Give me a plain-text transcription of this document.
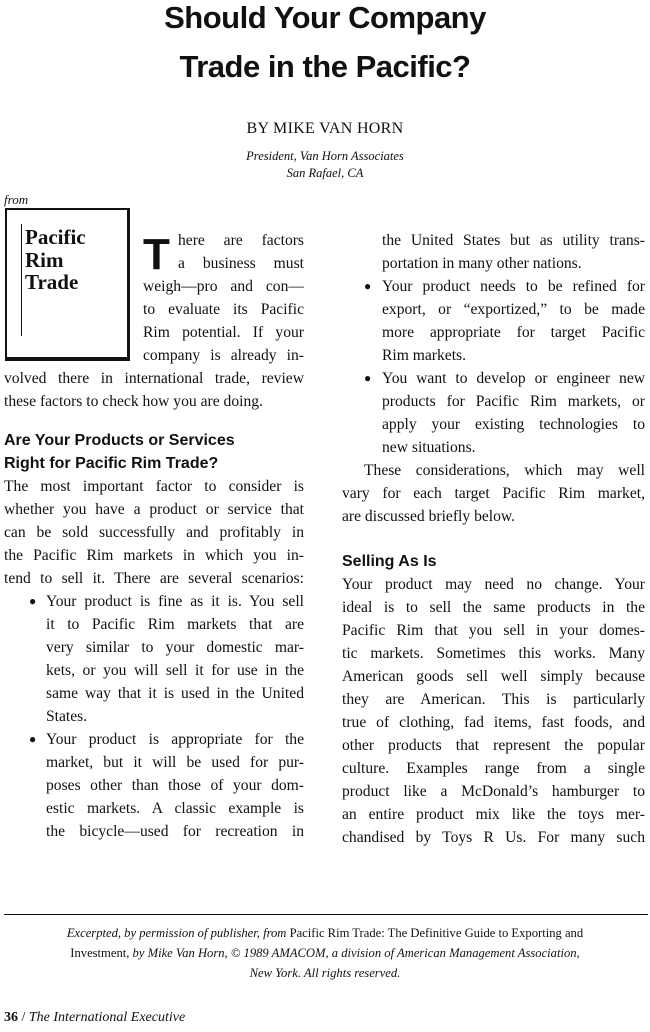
Should Your Company
Trade in the Pacific?
BY MIKE VAN HORN
President, Van Horn Associates
San Rafael, CA
from
Pacific
Rim
Trade
T here are factors
a business must
weigh—pro and con—
to evaluate its Pacific
Rim potential. If your
company is already in-
volved there in international trade, review
these factors to check how you are doing.
Are Your Products or Services
Right for Pacific Rim Trade?
The most important factor to consider is
whether you have a product or service that
can be sold successfully and profitably in
the Pacific Rim markets in which you in-
tend to sell it. There are several scenarios:
● Your product is fine as it is. You sell
it to Pacific Rim markets that are
very similar to your domestic mar-
kets, or you will sell it for use in the
same way that it is used in the United
States.
● Your product is appropriate for the
market, but it will be used for pur-
poses other than those of your dom-
estic markets. A classic example is
the bicycle—used for recreation in
the United States but as utility trans-
portation in many other nations.
● Your product needs to be refined for
export, or “exportized,” to be made
more appropriate for target Pacific
Rim markets.
● You want to develop or engineer new
products for Pacific Rim markets, or
apply your existing technologies to
new situations.
These considerations, which may well
vary for each target Pacific Rim market,
are discussed briefly below.
Selling As Is
Your product may need no change. Your
ideal is to sell the same products in the
Pacific Rim that you sell in your domes-
tic markets. Sometimes this works. Many
American goods sell well simply because
they are American. This is particularly
true of clothing, fad items, fast foods, and
other products that represent the popular
culture. Examples range from a single
product like a McDonald’s hamburger to
an entire product mix like the toys mer-
chandised by Toys R Us. For many such
Excerpted, by permission of publisher, from Pacific Rim Trade: The Definitive Guide to Exporting and
Investment, by Mike Van Horn, © 1989 AMACOM, a division of American Management Association,
New York. All rights reserved.
36 / The International Executive
